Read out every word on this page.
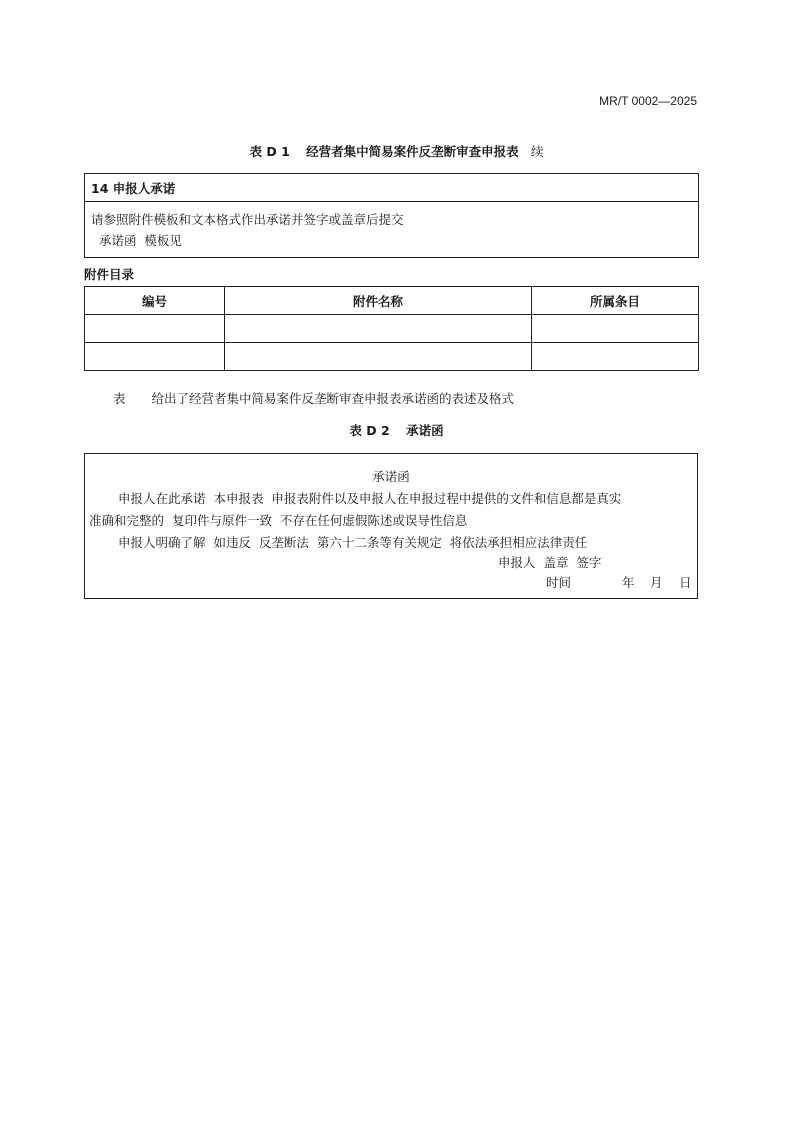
MR/T 0002—2025
表 D 1 经营者集中简易案件反垄断审查申报表 续
14 申报人承诺

请参照附件模板和文本格式作出承诺并签字或盖章后提交
承诺函  模板见
附件目录
编号	附件名称	所属条目

表 给出了经营者集中简易案件反垄断审查申报表承诺函的表述及格式
表 D 2 承诺函
承诺函
申报人在此承诺  本申报表  申报表附件以及申报人在申报过程中提供的文件和信息都是真实
准确和完整的  复印件与原件一致  不存在任何虚假陈述或误导性信息
申报人明确了解  如违反  反垄断法  第六十二条等有关规定  将依法承担相应法律责任
申报人  盖章  签字
时间	年 月 日
